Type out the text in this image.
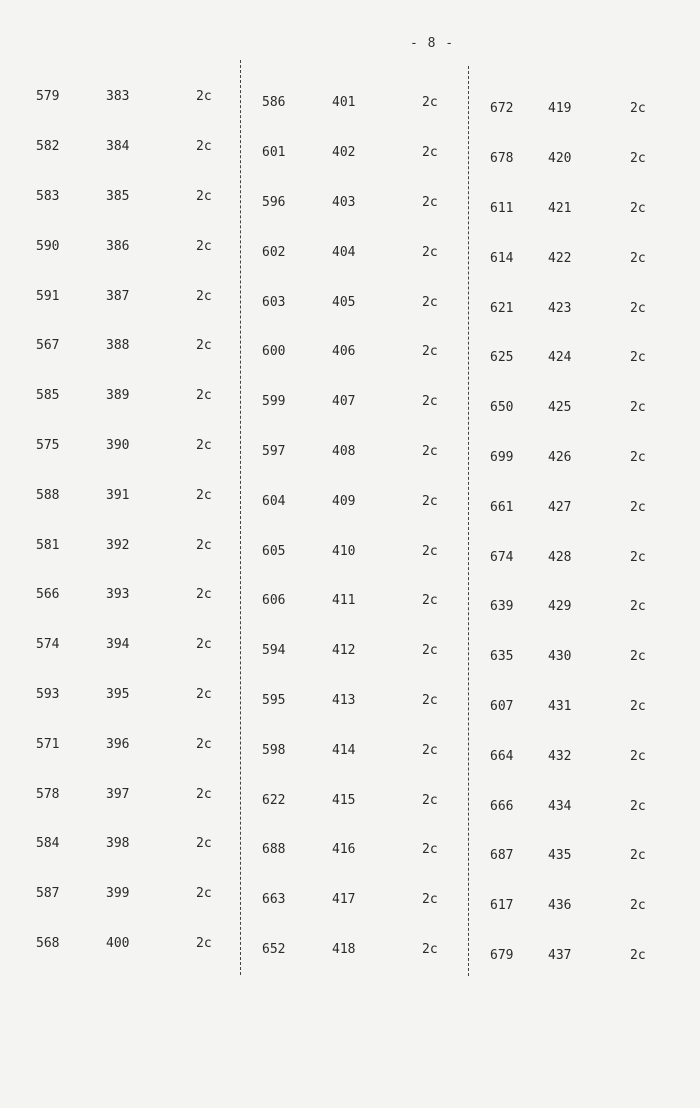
- 8 -
579	383	2c
582	384	2c
583	385	2c
590	386	2c
591	387	2c
567	388	2c
585	389	2c
575	390	2c
588	391	2c
581	392	2c
566	393	2c
574	394	2c
593	395	2c
571	396	2c
578	397	2c
584	398	2c
587	399	2c
568	400	2c
586	401	2c
601	402	2c
596	403	2c
602	404	2c
603	405	2c
600	406	2c
599	407	2c
597	408	2c
604	409	2c
605	410	2c
606	411	2c
594	412	2c
595	413	2c
598	414	2c
622	415	2c
688	416	2c
663	417	2c
652	418	2c
672	419	2c
678	420	2c
611	421	2c
614	422	2c
621	423	2c
625	424	2c
650	425	2c
699	426	2c
661	427	2c
674	428	2c
639	429	2c
635	430	2c
607	431	2c
664	432	2c
666	434	2c
687	435	2c
617	436	2c
679	437	2c
